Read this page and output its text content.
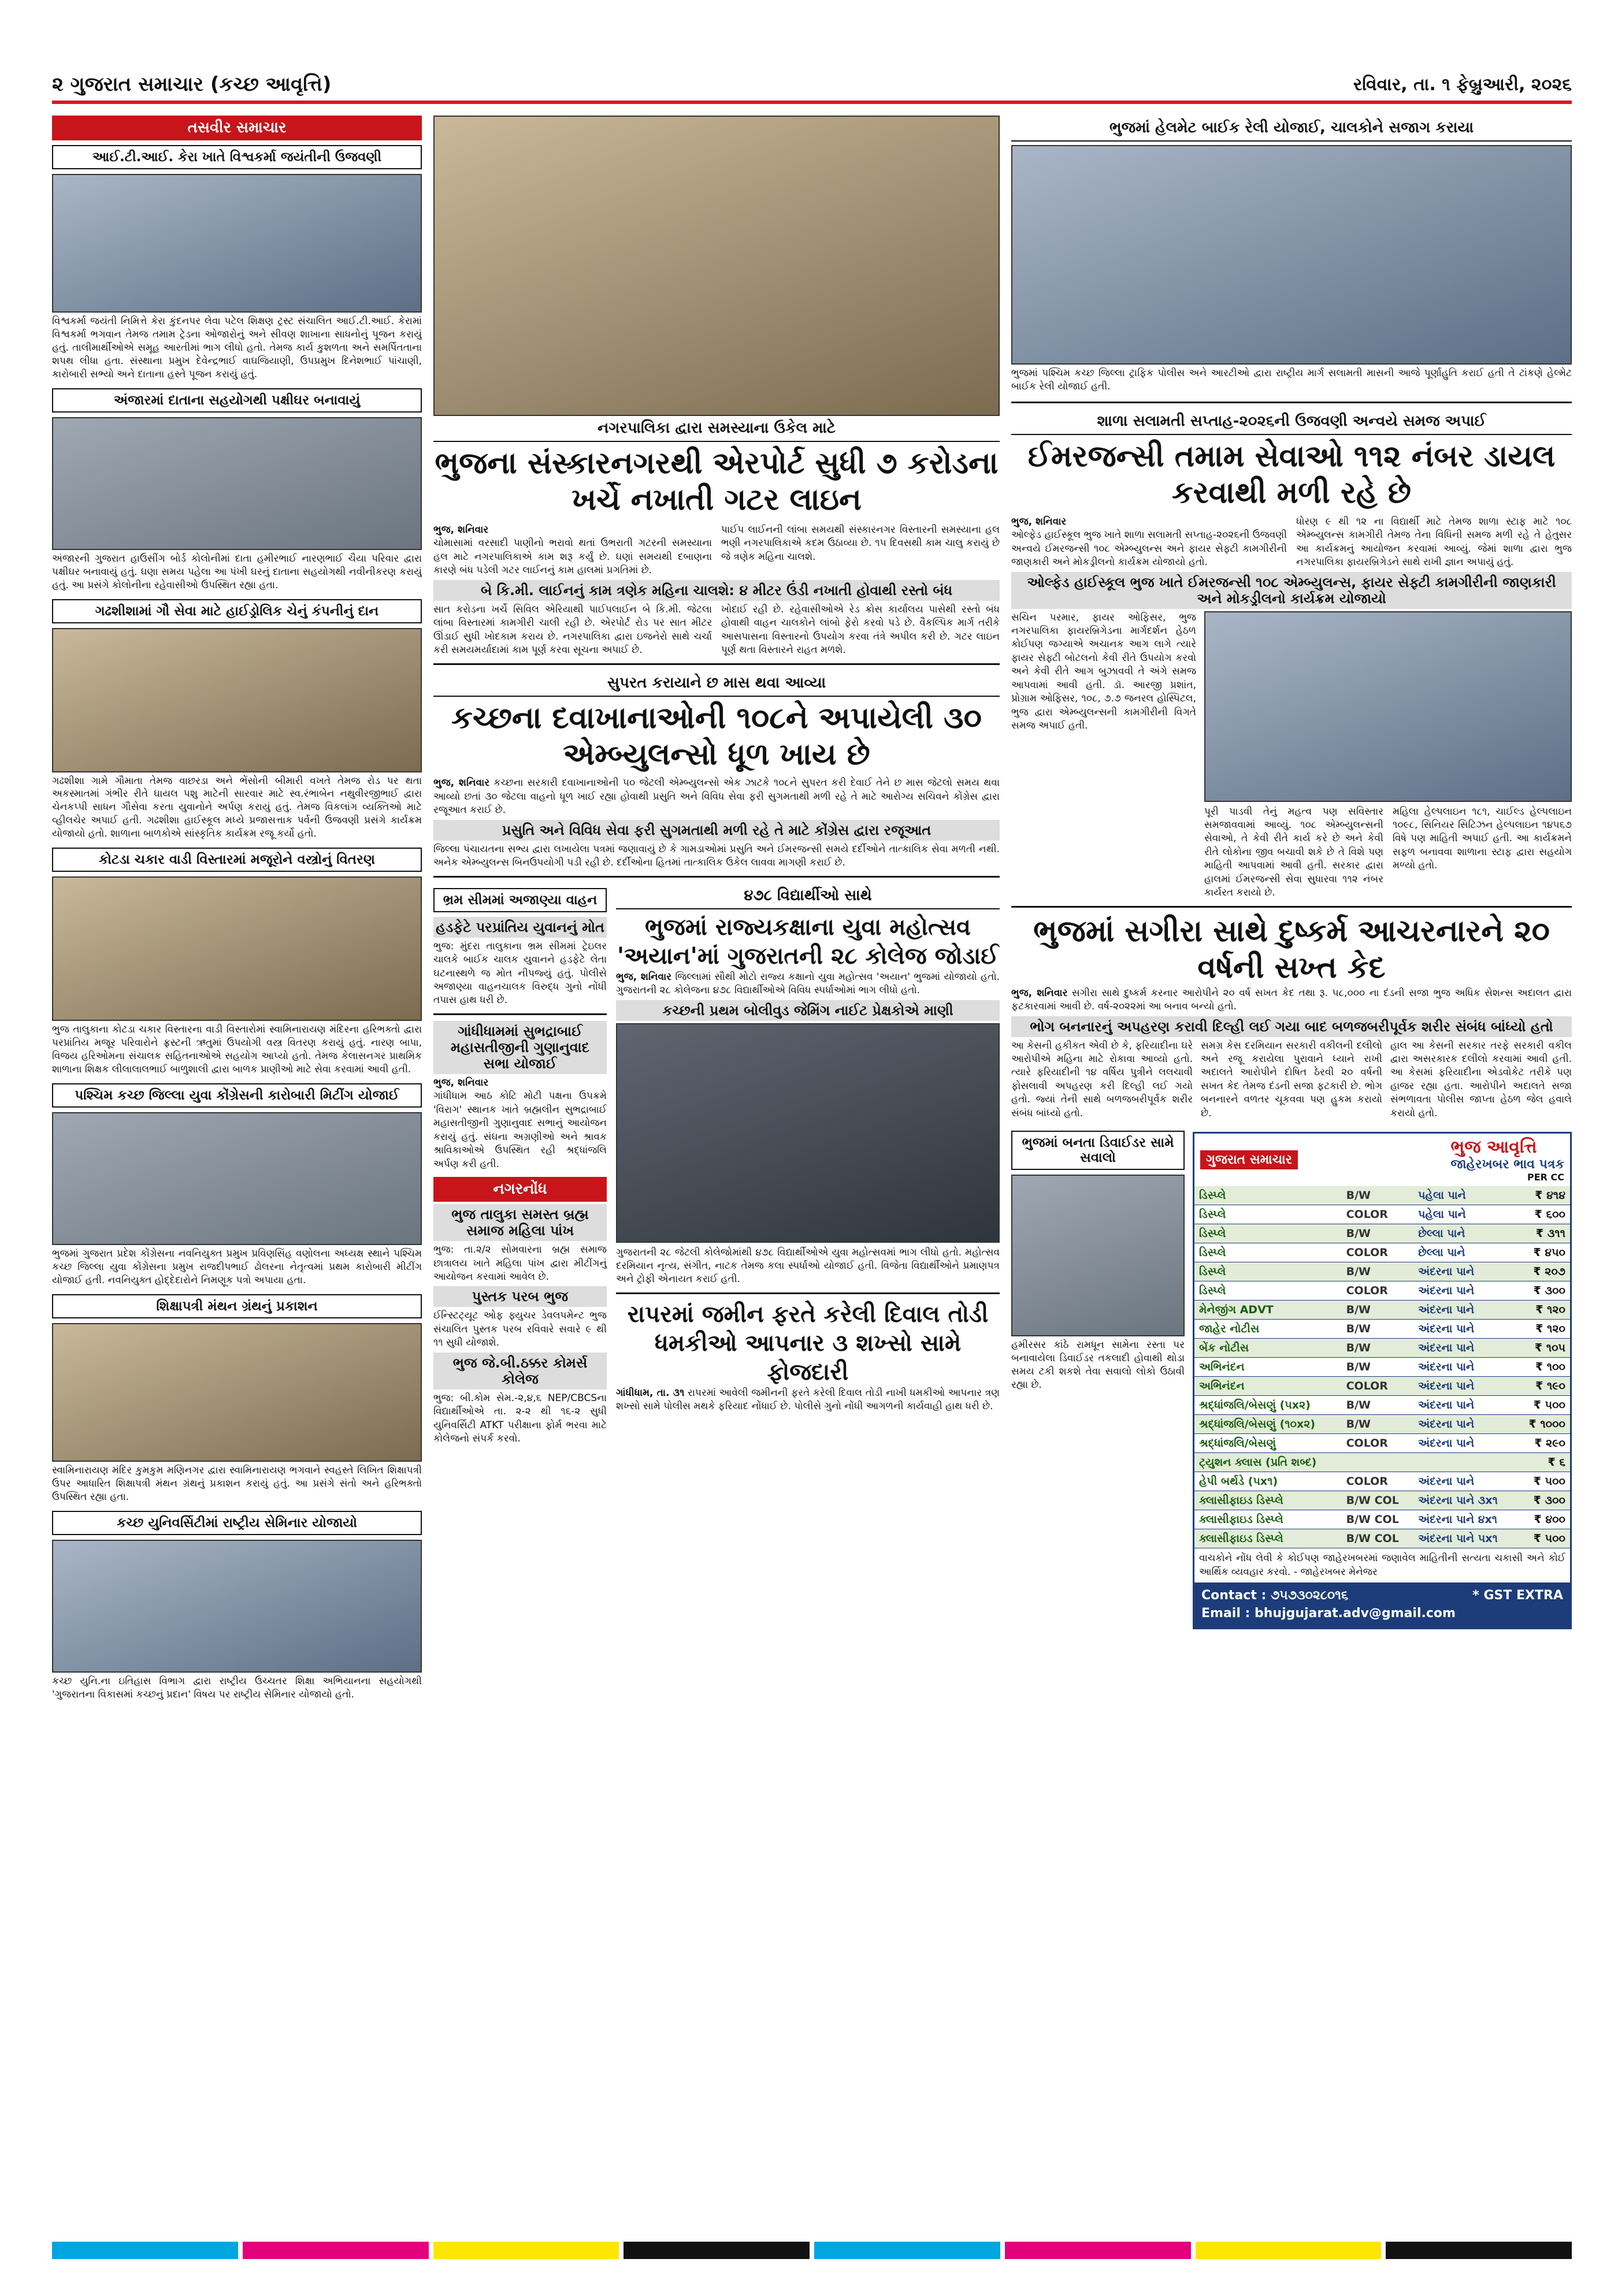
૨ ગુજરાત સમાચાર (કચ્છ આવૃત્તિ)	રવિવાર, તા. ૧ ફેબ્રુઆરી, ૨૦૨૬
તસવીર સમાચાર
આઈ.ટી.આઈ. કેરા ખાતે વિશ્વકર્મા જયંતીની ઉજવણી
વિશ્વકર્મા જયંતી નિમિત્તે કેરા કુંદનપર લેવા પટેલ શિક્ષણ ટ્રસ્ટ સંચાલિત આઈ.ટી.આઈ. કેરામાં વિશ્વકર્મા ભગવાન તેમજ તમામ ટ્રેડના ઓજારોનું અને સીવણ શાખાના સાધનોનું પૂજન કરાયું હતું. તાલીમાર્થીઓએ સમૂહ આરતીમાં ભાગ લીધો હતો. તેમજ કાર્ય કુશળતા અને સમર્પિતતાના શપથ લીધા હતા. સંસ્થાના પ્રમુખ દેવેન્દ્રભાઈ વાઘજિયાણી, ઉપપ્રમુખ દિનેશભાઈ પાંચાણી, કારોબારી સભ્યો અને દાતાના હસ્તે પૂજન કરાયું હતું.
અંજારમાં દાતાના સહયોગથી પક્ષીઘર બનાવાયું
અંજારની ગુજરાત હાઉસીંગ બોર્ડ કોલોનીમાં દાતા હમીરભાઈ નારણભાઈ ચૈયા પરિવાર દ્વારા પક્ષીઘર બનાવાયું હતું. ઘણા સમય પહેલા આ પંખી ઘરનું દાતાના સહયોગથી નવીનીકરણ કરાયું હતું. આ પ્રસંગે કોલોનીના રહેવાસીઓ ઉપસ્થિત રહ્યા હતા.
ગઢશીશામાં ગૌ સેવા માટે હાઈડ્રોલિક ચેનું કંપનીનું દાન
ગઢશીશા ગામે ગૌમાતા તેમજ વાછરડા અને ભેંસોની બીમારી વખતે તેમજ રોડ પર થતા અકસ્માતમાં ગંભીર રીતે ઘાયલ પશુ માટેની સારવાર માટે સ્વ.રંભાબેન નથુવીરજીભાઈ દ્વારા ચેનકપ્પી સાધન ગૌસેવા કરતા યુવાનોને અર્પણ કરાયું હતું. તેમજ વિકલાંગ વ્યક્તિઓ માટે વ્હીલચેર અપાઈ હતી. ગઢશીશા હાઈસ્કૂલ મધ્યે પ્રજાસત્તાક પર્વની ઉજવણી પ્રસંગે કાર્યક્રમ યોજાયો હતો. શાળાના બાળકોએ સાંસ્કૃતિક કાર્યક્રમ રજૂ કર્યો હતો.
કોટડા ચકાર વાડી વિસ્તારમાં મજૂરોને વસ્ત્રોનું વિતરણ
ભુજ તાલુકાના કોટડા ચકાર વિસ્તારના વાડી વિસ્તારોમાં સ્વામિનારાયણ મંદિરના હરિભક્તો દ્વારા પરપ્રાંતિય મજૂર પરિવારોને ફ્રસ્ટની ઋતુમાં ઉપયોગી વસ્ત્ર વિતરણ કરાયું હતું. નારણ બાપા, વિજય હરિઓમના સંચાલક સહિતનાઓએ સહયોગ આપ્યો હતો. તેમજ કેલાસનગર પ્રાથમિક શાળાના શિક્ષક લીલાલાલભાઈ બાળુશાલી દ્વારા બાળક પ્રાણીઓ માટે સેવા કરવામાં આવી હતી.
પશ્ચિમ કચ્છ જિલ્લા યુવા કોંગ્રેસની કારોબારી મિટીંગ યોજાઈ
ભુજમાં ગુજરાત પ્રદેશ કોંગ્રેસના નવનિયુક્ત પ્રમુખ પ્રવિણસિંહ વણોલના અધ્યક્ષ સ્થાને પશ્ચિમ કચ્છ જિલ્લા યુવા કોંગ્રેસના પ્રમુખ રાજદીપભાઈ ઢોલરના નેતૃત્વમાં પ્રથમ કારોબારી મીટીંગ યોજાઈ હતી. નવનિયુક્ત હોદ્દેદારોને નિમણૂક પત્રો અપાયા હતા.
શિક્ષાપત્રી મંથન ગ્રંથનું પ્રકાશન
સ્વામિનારાયણ મંદિર કુમકુમ મણિનગર દ્વારા સ્વામિનારાયણ ભગવાને સ્વહસ્તે લિખિત શિક્ષાપત્રી ઉપર આધારિત શિક્ષાપત્રી મંથન ગ્રંથનું પ્રકાશન કરાયું હતું. આ પ્રસંગે સંતો અને હરિભક્તો ઉપસ્થિત રહ્યા હતા.
કચ્છ યુનિવર્સિટીમાં રાષ્ટ્રીય સેમિનાર યોજાયો
કચ્છ યુનિ.ના ઇતિહાસ વિભાગ દ્વારા રાષ્ટ્રીય ઉચ્ચતર શિક્ષા અભિયાનના સહયોગથી 'ગુજરાતના વિકાસમાં કચ્છનું પ્રદાન' વિષય પર રાષ્ટ્રીય સેમિનાર યોજાયો હતો.
નગરપાલિકા દ્વારા સમસ્યાના ઉકેલ માટે
ભુજના સંસ્કારનગરથી એરપોર્ટ સુધી ૭ કરોડના ખર્ચે નખાતી ગટર લાઇન
ભુજ, શનિવાર
ચોમાસામાં વરસાદી પાણીનો ભરાવો થતાં ઉભરાતી ગટરની સમસ્યાના હલ માટે નગરપાલિકાએ કામ શરૂ કર્યું છે. ઘણાં સમયથી દબાણના કારણે બંધ પડેલી ગટર લાઈનનું કામ હાલમાં પ્રગતિમાં છે.
પાઈપ લાઈનની લાંબા સમયથી સંસ્કારનગર વિસ્તારની સમસ્યાના હલ ભણી નગરપાલિકાએ કદમ ઉઠાવ્યા છે. ૧૫ દિવસથી કામ ચાલુ કરાયું છે જે ત્રણેક મહિના ચાલશે.
બે કિ.મી. લાઈનનું કામ ત્રણેક મહિના ચાલશે: ૪ મીટર ઉંડી નખાતી હોવાથી રસ્તો બંધ
સાત કરોડના ખર્ચે સિવિલ એરિયાથી પાઈપલાઈન બે કિ.મી. જેટલા લાંબા વિસ્તારમાં કામગીરી ચાલી રહી છે. એરપોર્ટ રોડ પર સાત મીટર ઊંડાઈ સુધી ખોદકામ કરાય છે. નગરપાલિકા દ્વારા ઇજનેરો સાથે ચર્ચા કરી સમયમર્યાદામાં કામ પૂર્ણ કરવા સૂચના અપાઈ છે.
ખોદાઈ રહી છે. રહેવાસીઓએ રેડ ક્રોસ કાર્યાલય પાસેથી રસ્તો બંધ હોવાથી વાહન ચાલકોને લાંબો ફેરો કરવો પડે છે. વૈકલ્પિક માર્ગ તરીકે આસપાસના વિસ્તારનો ઉપયોગ કરવા તંત્રે અપીલ કરી છે. ગટર લાઇન પૂર્ણ થતા વિસ્તારને રાહત મળશે.
સુપરત કરાયાને છ માસ થવા આવ્યા
કચ્છના દવાખાનાઓની ૧૦૮ને અપાયેલી ૩૦ એમ્બ્યુલન્સો ધૂળ ખાય છે
ભુજ, શનિવાર કચ્છના સરકારી દવાખાનાઓની ૫૦ જેટલી એમ્બ્યુલન્સો એક ઝાટકે ૧૦૮ને સુપરત કરી દેવાઈ તેને છ માસ જેટલો સમય થવા આવ્યો છતાં ૩૦ જેટલા વાહનો ધૂળ ખાઈ રહ્યા હોવાથી પ્રસુતિ અને વિવિધ સેવા ફરી સુગમતાથી મળી રહે તે માટે આરોગ્ય સચિવને કોંગ્રેસ દ્વારા રજૂઆત કરાઈ છે.
પ્રસુતિ અને વિવિધ સેવા ફરી સુગમતાથી મળી રહે તે માટે કોંગ્રેસ દ્વારા રજૂઆત
જિલ્લા પંચાયતના સભ્ય દ્વારા લખાયેલા પત્રમાં જણાવાયું છે કે ગામડાઓમાં પ્રસુતિ અને ઈમરજન્સી સમયે દર્દીઓને તાત્કાલિક સેવા મળતી નથી. અનેક એમ્બ્યુલન્સ બિનઉપયોગી પડી રહી છે. દર્દીઓના હિતમાં તાત્કાલિક ઉકેલ લાવવા માગણી કરાઈ છે.
ભ્રમ સીમમાં અજાણ્યા વાહન
હડફેટે પરપ્રાંતિય યુવાનનું મોત
ભુજ: મુંદરા તાલુકાના ભ્રમ સીમમાં ટ્રેઇલર ચાલકે બાઈક ચાલક યુવાનને હડફેટે લેતા ઘટનાસ્થળે જ મોત નીપજ્યું હતું. પોલીસે અજાણ્યા વાહનચાલક વિરુદ્ધ ગુનો નોંધી તપાસ હાથ ધરી છે.
ગાંધીધામમાં સુભદ્રાબાઈ મહાસતીજીની ગુણાનુવાદ સભા યોજાઈ
ભુજ, શનિવાર
ગાંધીધામ આઠ કોટિ મોટી પક્ષના ઉપક્રમે 'વિરાગ' સ્થાનક ખાતે બ્રહ્મલીન સુભદ્રાબાઈ મહાસતીજીની ગુણાનુવાદ સભાનું આયોજન કરાયું હતું. સંઘના અગ્રણીઓ અને શ્રાવક શ્રાવિકાઓએ ઉપસ્થિત રહી શ્રદ્ધાંજલિ અર્પણ કરી હતી.
નગરનોંધ
ભુજ તાલુકા સમસ્ત બ્રહ્મ સમાજ મહિલા પાંખ
ભુજ: તા.૨/૨ સોમવારના બ્રહ્મ સમાજ છાત્રાલય ખાતે મહિલા પાંખ દ્વારા મીટીંગનું આયોજન કરવામાં આવેલ છે.
પુસ્તક પરબ ભુજ
ઈન્સ્ટિટ્યૂટ ઓફ ફ્યુચર ડેવલપમેન્ટ ભુજ સંચાલિત પુસ્તક પરબ રવિવારે સવારે ૯ થી ૧૧ સુધી યોજાશે.
ભુજ જે.બી.ઠક્કર કોમર્સ કોલેજ
ભુજ: બી.કોમ સેમ.-૨,૪,૬ NEP/CBCSના વિદ્યાર્થીઓએ તા. ૨-૨ થી ૧૬-૨ સુધી યુનિવર્સિટી ATKT પરીક્ષાના ફોર્મ ભરવા માટે કોલેજનો સંપર્ક કરવો.
૪૭૮ વિદ્યાર્થીઓ સાથે
ભુજમાં રાજ્યકક્ષાના યુવા મહોત્સવ 'અયાન'માં ગુજરાતની ૨૮ કોલેજ જોડાઈ
ભુજ, શનિવાર જિલ્લામાં સૌથી મોટો રાજ્ય કક્ષાનો યુવા મહોત્સવ 'અયાન' ભુજમાં યોજાયો હતો. ગુજરાતની ૨૮ કોલેજના ૪૭૮ વિદ્યાર્થીઓએ વિવિધ સ્પર્ધાઓમાં ભાગ લીધો હતો.
કચ્છની પ્રથમ બોલીવુડ જેમિંગ નાઈટ પ્રેક્ષકોએ માણી
ગુજરાતની ૨૮ જેટલી કોલેજોમાંથી ૪૭૮ વિદ્યાર્થીઓએ યુવા મહોત્સવમાં ભાગ લીધો હતો. મહોત્સવ દરમિયાન નૃત્ય, સંગીત, નાટક તેમજ કલા સ્પર્ધાઓ યોજાઈ હતી. વિજેતા વિદ્યાર્થીઓને પ્રમાણપત્ર અને ટ્રોફી એનાયત કરાઈ હતી.
રાપરમાં જમીન ફરતે કરેલી દિવાલ તોડી ધમકીઓ આપનાર ૩ શખ્સો સામે ફોજદારી
ગાંધીધામ, તા. ૩૧ રાપરમાં આવેલી જમીનની ફરતે કરેલી દિવાલ તોડી નાખી ધમકીઓ આપનાર ત્રણ શખ્સો સામે પોલીસ મથકે ફરિયાદ નોંધાઈ છે. પોલીસે ગુનો નોંધી આગળની કાર્યવાહી હાથ ધરી છે.
ભુજમાં હેલમેટ બાઈક રેલી યોજાઈ, ચાલકોને સજાગ કરાયા
ભુજમાં પશ્ચિમ કચ્છ જિલ્લા ટ્રાફિક પોલીસ અને આરટીઓ દ્વારા રાષ્ટ્રીય માર્ગ સલામતી માસની આજે પૂર્ણાહુતિ કરાઈ હતી તે ટાંકણે હેલ્મેટ બાઈક રેલી યોજાઈ હતી.
શાળા સલામતી સપ્તાહ-૨૦૨૬ની ઉજવણી અન્વયે સમજ અપાઈ
ઈમરજન્સી તમામ સેવાઓ ૧૧૨ નંબર ડાયલ કરવાથી મળી રહે છે
ભુજ, શનિવાર
ઓલ્ફેડ હાઈસ્કૂલ ભુજ ખાતે શાળા સલામતી સપ્તાહ-૨૦૨૬ની ઉજવણી અન્વયે ઈમરજન્સી ૧૦૮ એમ્બ્યુલન્સ અને ફાયર સેફ્ટી કામગીરીની જાણકારી અને મોકડ્રીલનો કાર્યક્રમ યોજાયો હતો.
ધોરણ ૯ થી ૧૨ ના વિદ્યાર્થી માટે તેમજ શાળા સ્ટાફ માટે ૧૦૮ એમ્બ્યુલન્સ કામગીરી તેમજ તેના વિધિની સમજ મળી રહે તે હેતુસર આ કાર્યક્રમનું આયોજન કરવામાં આવ્યું. જેમાં શાળા દ્વારા ભુજ નગરપાલિકા ફાયરબ્રિગેડને સાથે રાખી જ્ઞાન અપાયું હતું.
ઓલ્ફેડ હાઈસ્કૂલ ભુજ ખાતે ઈમરજન્સી ૧૦૮ એમ્બ્યુલન્સ, ફાયર સેફ્ટી કામગીરીની જાણકારી અને મોકડ્રીલનો કાર્યક્રમ યોજાયો
સચિન પરમાર, ફાયર ઓફિસર, ભુજ નગરપાલિકા ફાયરબ્રિગેડના માર્ગદર્શન હેઠળ કોઈપણ જગ્યાએ અચાનક આગ લાગે ત્યારે ફાયર સેફ્ટી બોટલનો કેવી રીતે ઉપયોગ કરવો અને કેવી રીતે આગ બુઝાવવી તે અંગે સમજ આપવામાં આવી હતી. ડૉ. આરજી પ્રશાંત, પ્રોગ્રામ ઓફિસર, ૧૦૮, ૭.૭ જનરલ હોસ્પિટલ, ભુજ દ્વારા એમ્બ્યુલન્સની કામગીરીની વિગતે સમજ અપાઈ હતી.
પૂરી પાડવી તેનું મહત્વ પણ સવિસ્તાર સમજાવવામાં આવ્યું. ૧૦૮ એમ્બ્યુલન્સની સેવાઓ, તે કેવી રીતે કાર્ય કરે છે અને કેવી રીતે લોકોના જીવ બચાવી શકે છે તે વિશે પણ માહિતી આપવામાં આવી હતી. સરકાર દ્વારા હાલમાં ઈમરજન્સી સેવા સુધારવા ૧૧૨ નંબર કાર્યરત કરાયો છે.
મહિલા હેલ્પલાઇન ૧૮૧, ચાઈલ્ડ હેલ્પલાઇન ૧૦૯૮, સિનિયર સિટિઝન હેલ્પલાઇન ૧૪૫૬૭ વિષે પણ માહિતી અપાઈ હતી. આ કાર્યક્રમને સફળ બનાવવા શાળાના સ્ટાફ દ્વારા સહયોગ મળ્યો હતો.
ભુજમાં સગીરા સાથે દુષ્કર્મ આચરનારને ૨૦ વર્ષની સખ્ત કેદ
ભુજ, શનિવાર સગીરા સાથે દુષ્કર્મ કરનાર આરોપીને ૨૦ વર્ષ સખત કેદ તથા રૂ. ૫૮,૦૦૦ ના દંડની સજા ભુજ અધિક સેશન્સ અદાલત દ્વારા ફટકારવામાં આવી છે. વર્ષ-૨૦૨૨માં આ બનાવ બન્યો હતો.
ભોગ બનનારનું અપહરણ કરાવી દિલ્હી લઈ ગયા બાદ બળજબરીપૂર્વક શરીર સંબંધ બાંધ્યો હતો
આ કેસની હકીકત એવી છે કે, ફરિયાદીના ઘરે આરોપીએ મહિના માટે રોકાવા આવ્યો હતો. ત્યારે ફરિયાદીની ૧૪ વર્ષિય પુત્રીને લલચાવી ફોસલાવી અપહરણ કરી દિલ્હી લઈ ગયો હતો. જ્યાં તેની સાથે બળજબરીપૂર્વક શરીર સંબંધ બાંધ્યો હતો.
સમગ્ર કેસ દરમિયાન સરકારી વકીલની દલીલો અને રજૂ કરાયેલા પુરાવાને ધ્યાને રાખી અદાલતે આરોપીને દોષિત ઠેરવી ૨૦ વર્ષની સખત કેદ તેમજ દંડની સજા ફટકારી છે. ભોગ બનનારને વળતર ચૂકવવા પણ હુકમ કરાયો છે.
હાલ આ કેસની સરકાર તરફે સરકારી વકીલ દ્વારા અસરકારક દલીલો કરવામાં આવી હતી. આ કેસમાં ફરિયાદીના એડવોકેટ તરીકે પણ હાજર રહ્યા હતા. આરોપીને અદાલતે સજા સંભળાવતા પોલીસ જાપ્તા હેઠળ જેલ હવાલે કરાયો હતો.
ભુજમાં બનતા ડિવાઈડર સામે સવાલો
હમીરસર કાંઠે રામધૂન સામેના રસ્તા પર બનાવાયેલા ડિવાઈડર તકલાદી હોવાથી થોડા સમય ટકી શકશે તેવા સવાલો લોકો ઉઠાવી રહ્યા છે.
ગુજરાત સમાચાર
ભુજ આવૃત્તિ
જાહેરખબર ભાવ પત્રક
PER CC
ડિસ્પ્લે	B/W	પહેલા પાને	₹ ૪૧૪
ડિસ્પ્લે	COLOR	પહેલા પાને	₹ ૬૦૦
ડિસ્પ્લે	B/W	છેલ્લા પાને	₹ ૩૧૧
ડિસ્પ્લે	COLOR	છેલ્લા પાને	₹ ૪૫૦
ડિસ્પ્લે	B/W	અંદરના પાને	₹ ૨૦૭
ડિસ્પ્લે	COLOR	અંદરના પાને	₹ ૩૦૦
મેનેજીંગ ADVT	B/W	અંદરના પાને	₹ ૧૨૦
જાહેર નોટીસ	B/W	અંદરના પાને	₹ ૧૨૦
બેંક નોટીસ	B/W	અંદરના પાને	₹ ૧૦૫
અભિનંદન	B/W	અંદરના પાને	₹ ૧૦૦
અભિનંદન	COLOR	અંદરના પાને	₹ ૧૯૦
શ્રદ્ધાંજલિ/બેસણું (૫x૨)	B/W	અંદરના પાને	₹ ૫૦૦
શ્રદ્ધાંજલિ/બેસણું (૧૦x૨)	B/W	અંદરના પાને	₹ ૧૦૦૦
શ્રદ્ધાંજલિ/બેસણું	COLOR	અંદરના પાને	₹ ૨૯૦
ટ્યુશન ક્લાસ (પ્રતિ શબ્દ)			₹ ૬
હેપી બર્થડે (૫x૧)	COLOR	અંદરના પાને	₹ ૫૦૦
ક્લાસીફાઇડ ડિસ્પ્લે	B/W COL	અંદરના પાને ૩x૧	₹ ૩૦૦
ક્લાસીફાઇડ ડિસ્પ્લે	B/W COL	અંદરના પાને ૪x૧	₹ ૪૦૦
ક્લાસીફાઇડ ડિસ્પ્લે	B/W COL	અંદરના પાને ૫x૧	₹ ૫૦૦
વાચકોને નોંધ લેવી કે કોઈપણ જાહેરખબરમાં જણાવેલ માહિતીની સત્યતા ચકાસી અને કોઈ આર્થિક વ્યવહાર કરવો. - જાહેરખબર મેનેજર
Contact : ૭૫૭૩૦૨૮૦૧૬	* GST EXTRA

Email : bhujgujarat.adv@gmail.com
